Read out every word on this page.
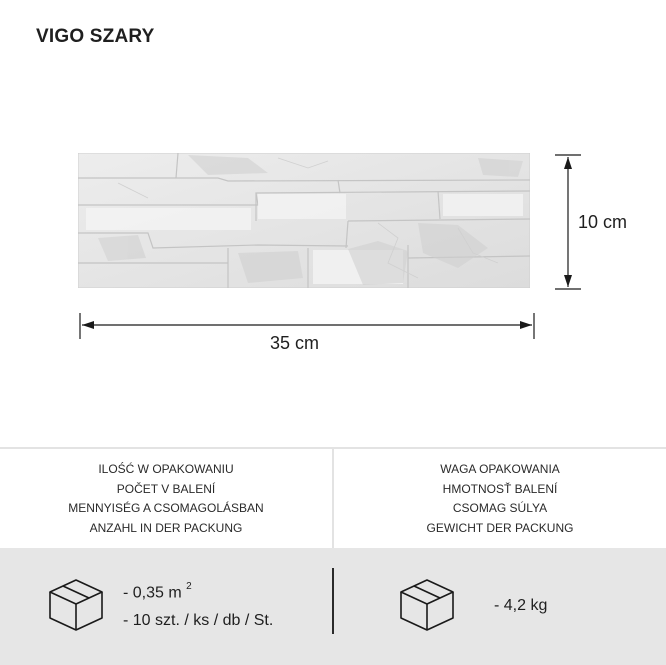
VIGO SZARY
35 cm
10 cm
ILOŚĆ W OPAKOWANIU
POČET V BALENÍ
MENNYISÉG A CSOMAGOLÁSBAN
ANZAHL IN DER PACKUNG
WAGA OPAKOWANIA
HMOTNOSŤ BALENÍ
CSOMAG SÚLYA
GEWICHT DER PACKUNG
- 0,35 m $^2$
- 10 szt. / ks / db / St.
- 4,2 kg
